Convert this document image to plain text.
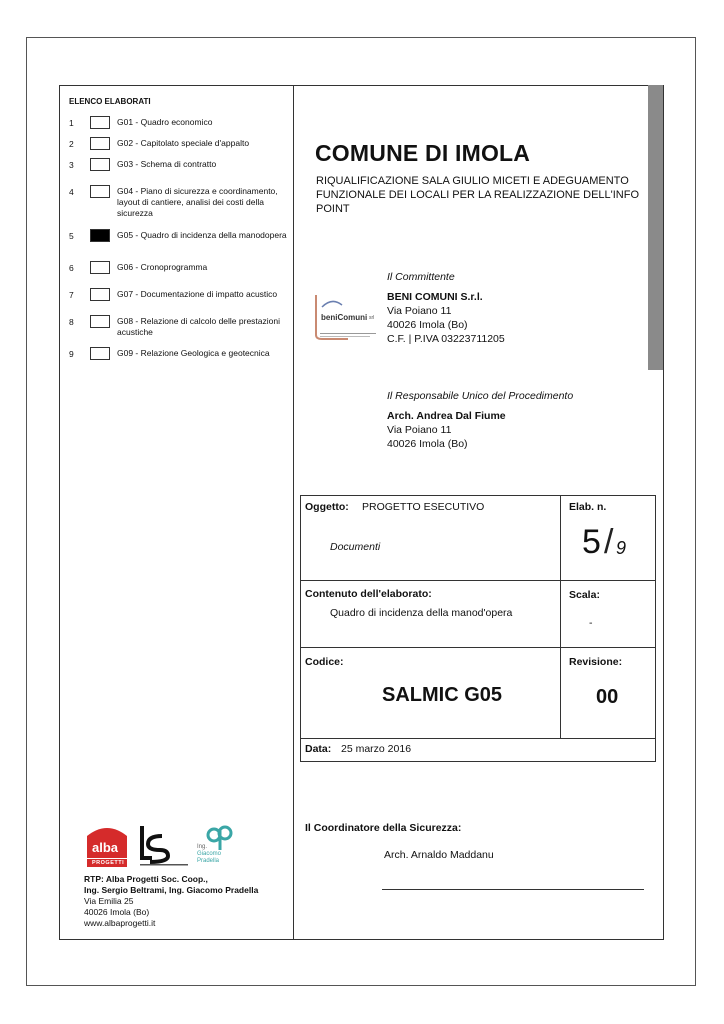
ELENCO ELABORATI
1	G01 - Quadro economico
2	G02 - Capitolato speciale d'appalto
3	G03 - Schema di contratto
4	G04 - Piano di sicurezza e coordinamento, layout di cantiere, analisi dei costi della sicurezza
5	G05 - Quadro di incidenza della manodopera
6	G06 - Cronoprogramma
7	G07 - Documentazione di impatto acustico
8	G08 - Relazione di calcolo delle prestazioni acustiche
9	G09 - Relazione Geologica e geotecnica
COMUNE DI IMOLA
RIQUALIFICAZIONE SALA GIULIO MICETI E ADEGUAMENTO FUNZIONALE DEI LOCALI PER LA REALIZZAZIONE DELL'INFO POINT
Il Committente
beniComuni srl
BENI COMUNI S.r.l.
Via Poiano 11
40026 Imola (Bo)
C.F. | P.IVA 03223711205
Il Responsabile Unico del Procedimento
Arch. Andrea Dal Fiume
Via Poiano 11
40026 Imola (Bo)
Oggetto: PROGETTO ESECUTIVO
Documenti
Elab. n.
5 / 9
Contenuto dell'elaborato:
Quadro di incidenza della manod'opera
Scala:
-
Codice:
SALMIC G05
Revisione:
00
Data: 25 marzo 2016
Il Coordinatore della Sicurezza:
Arch. Arnaldo Maddanu
alba
PROGETTI
Ing.
Giacomo
Pradella
RTP: Alba Progetti Soc. Coop.,
Ing. Sergio Beltrami, Ing. Giacomo Pradella
Via Emilia 25
40026 Imola (Bo)
www.albaprogetti.it
